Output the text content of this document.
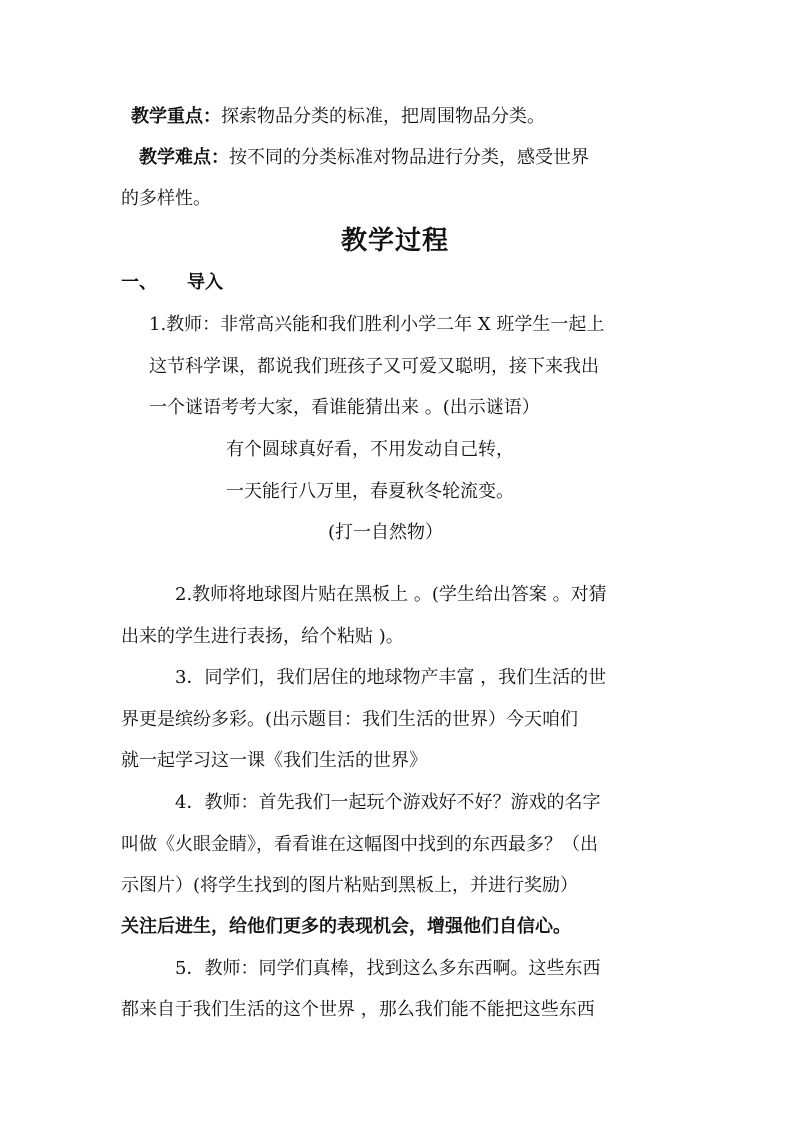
教学重点：探索物品分类的标准，把周围物品分类。
教学难点：按不同的分类标准对物品进行分类，感受世界
的多样性。
教学过程
一、 导入
1.教师：非常高兴能和我们胜利小学二年 X 班学生一起上
这节科学课，都说我们班孩子又可爱又聪明，接下来我出
一个谜语考考大家，看谁能猜出来 。(出示谜语）
有个圆球真好看，不用发动自己转，
一天能行八万里，春夏秋冬轮流变。
(打一自然物）
2.教师将地球图片贴在黑板上 。(学生给出答案 。对猜
出来的学生进行表扬，给个粘贴 )。
3．同学们，我们居住的地球物产丰富 ，我们生活的世
界更是缤纷多彩。(出示题目：我们生活的世界）今天咱们
就一起学习这一课《我们生活的世界》
4．教师：首先我们一起玩个游戏好不好？游戏的名字
叫做《火眼金睛》，看看谁在这幅图中找到的东西最多？（出
示图片）(将学生找到的图片粘贴到黑板上，并进行奖励）
关注后进生，给他们更多的表现机会，增强他们自信心。
5．教师：同学们真棒，找到这么多东西啊。这些东西
都来自于我们生活的这个世界 ，那么我们能不能把这些东西
